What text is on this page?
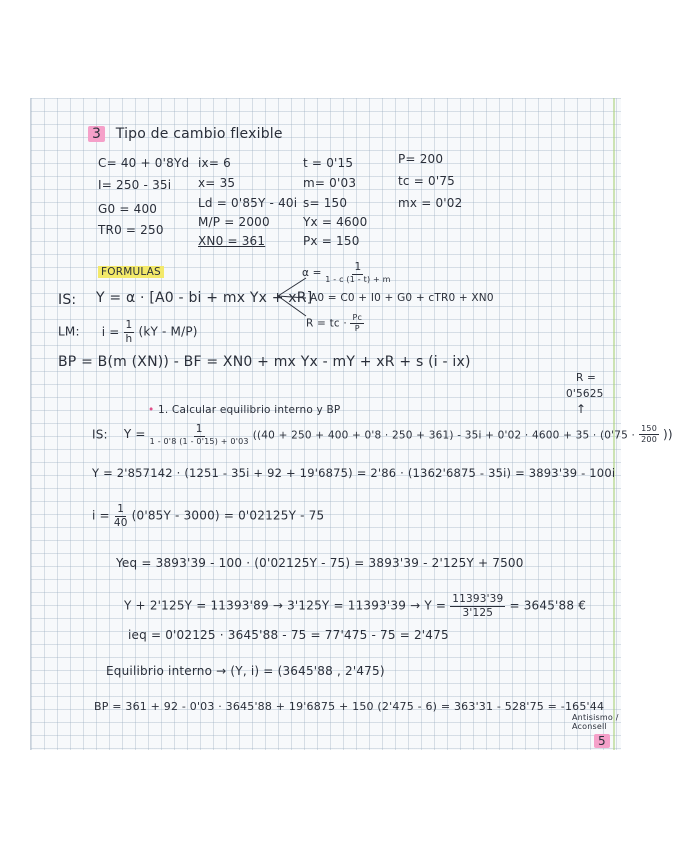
3 Tipo de cambio flexible
C= 40 + 0'8Yd
I= 250 - 35i
G0 = 400
TR0 = 250
ix= 6
x= 35
Ld = 0'85Y - 40i
M/P = 2000
XN0 = 361
t = 0'15
m= 0'03
s= 150
Yx = 4600
Px = 150
P= 200
tc = 0'75
mx = 0'02
FORMULAS
IS: Y = α · [A0 - bi + mx Yx + xR]
$\alpha = \frac{1}{1 - c (1 - t) + m}$
A0 = C0 + I0 + G0 + cTR0 + XN0
R = tc · $\frac{Pc}{P}$
LM: $i = \frac{1}{h} (kY - M/P)$
BP = B(m (XN)) - BF = XN0 + mx Yx - mY + xR + s (i - ix)
R =
0'5625
↑
• 1. Calcular equilibrio interno y BP
IS: $Y = \frac{1}{1 - 0'8 (1 - 0'15) + 0'03} ((40 + 250 + 400 + 0'8 \cdot 250 + 361) - 35i + 0'02 \cdot 4600 + 35 \cdot (0'75 \cdot \frac{150}{200}$ ))
Y = 2'857142 · (1251 - 35i + 92 + 19'6875) = 2'86 · (1362'6875 - 35i) = 3893'39 - 100i
$i = \frac{1}{40} (0'85Y - 3000) = 0'02125Y - 75$
Yeq = 3893'39 - 100 · (0'02125Y - 75) = 3893'39 - 2'125Y + 7500
$Y + 2'125Y = 11393'89 \to 3'125Y = 11393'39 \to Y = \frac{11393'39}{3'125} = 3645'88$ €
ieq = 0'02125 · 3645'88 - 75 = 77'475 - 75 = 2'475
Equilibrio interno → (Y, i) = (3645'88 , 2'475)
BP = 361 + 92 - 0'03 · 3645'88 + 19'6875 + 150 (2'475 - 6) = 363'31 - 528'75 = -165'44
Antisismo / Aconsell
5
